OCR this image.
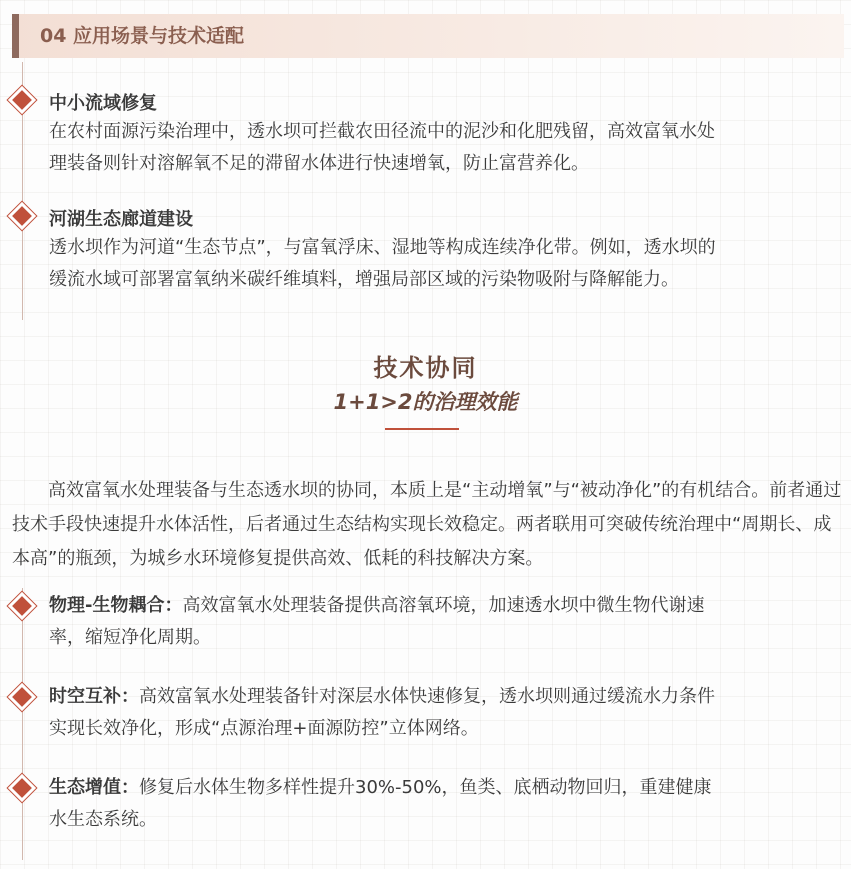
04 应用场景与技术适配
中小流域修复
在农村面源污染治理中，透水坝可拦截农田径流中的泥沙和化肥残留，高效富氧水处
理装备则针对溶解氧不足的滞留水体进行快速增氧，防止富营养化。
河湖生态廊道建设
透水坝作为河道“生态节点”，与富氧浮床、湿地等构成连续净化带。例如，透水坝的
缓流水域可部署富氧纳米碳纤维填料，增强局部区域的污染物吸附与降解能力。
技术协同
1+1>2的治理效能
高效富氧水处理装备与生态透水坝的协同，本质上是“主动增氧”与“被动净化”的有机结合。前者通过技术手段快速提升水体活性，后者通过生态结构实现长效稳定。两者联用可突破传统治理中“周期长、成本高”的瓶颈，为城乡水环境修复提供高效、低耗的科技解决方案。
物理-生物耦合：高效富氧水处理装备提供高溶氧环境，加速透水坝中微生物代谢速
率，缩短净化周期。
时空互补：高效富氧水处理装备针对深层水体快速修复，透水坝则通过缓流水力条件
实现长效净化，形成“点源治理+面源防控”立体网络。
生态增值：修复后水体生物多样性提升30%-50%，鱼类、底栖动物回归，重建健康
水生态系统。
